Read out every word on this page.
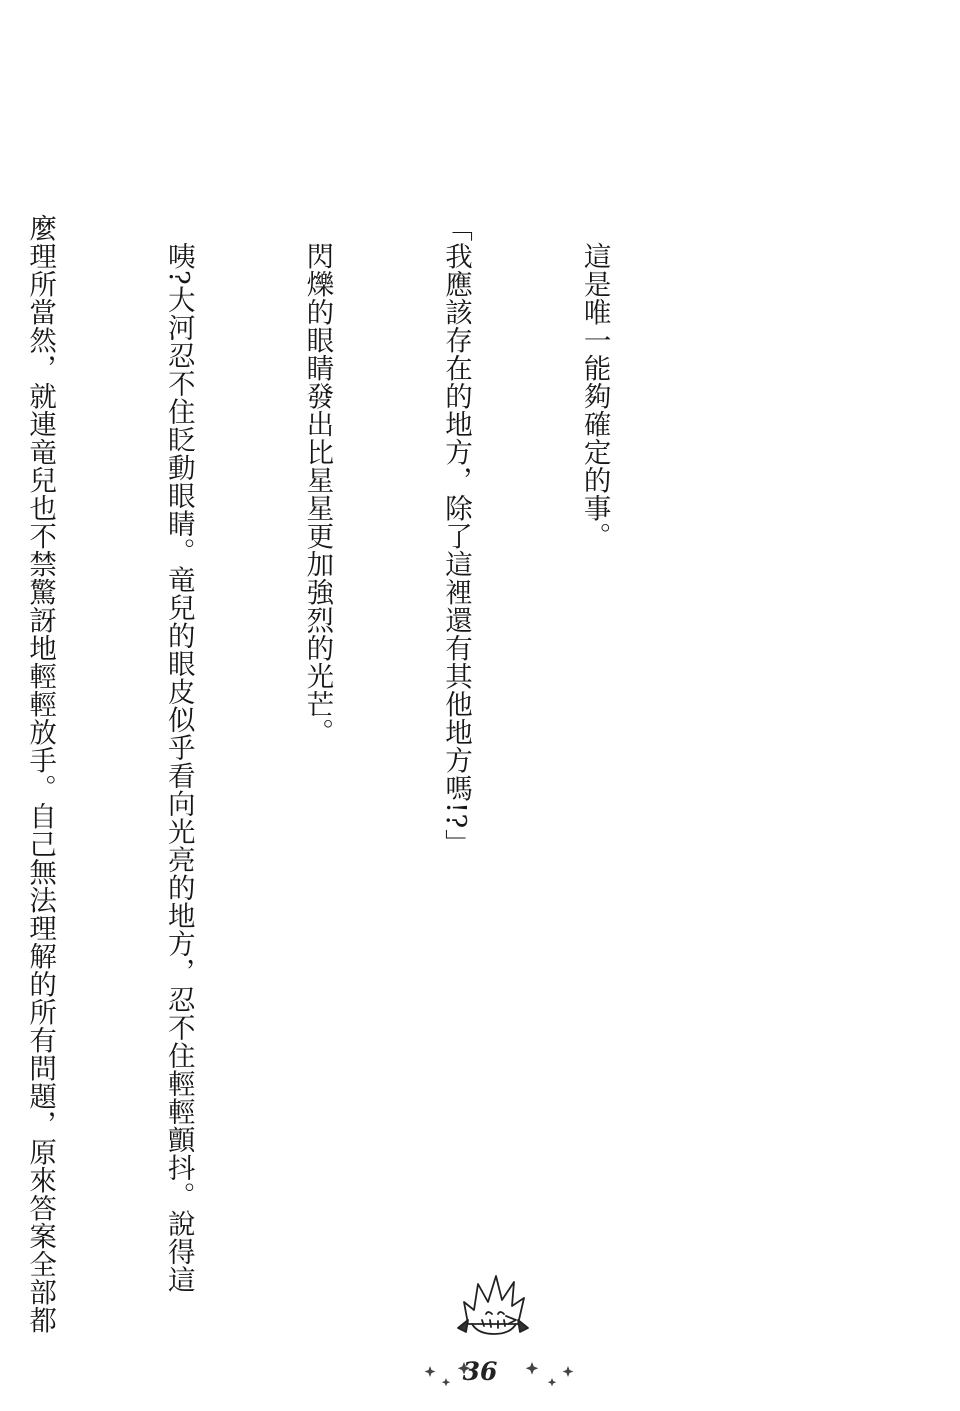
這是唯一能夠確定的事。

「我應該存在的地方，除了這裡還有其他地方嗎!?」

閃爍的眼睛發出比星星更加強烈的光芒。

咦?大河忍不住眨動眼睛。竜兒的眼皮似乎看向光亮的地方，忍不住輕輕顫抖。說得這

麼理所當然，就連竜兒也不禁驚訝地輕輕放手。自己無法理解的所有問題，原來答案全部都

36
